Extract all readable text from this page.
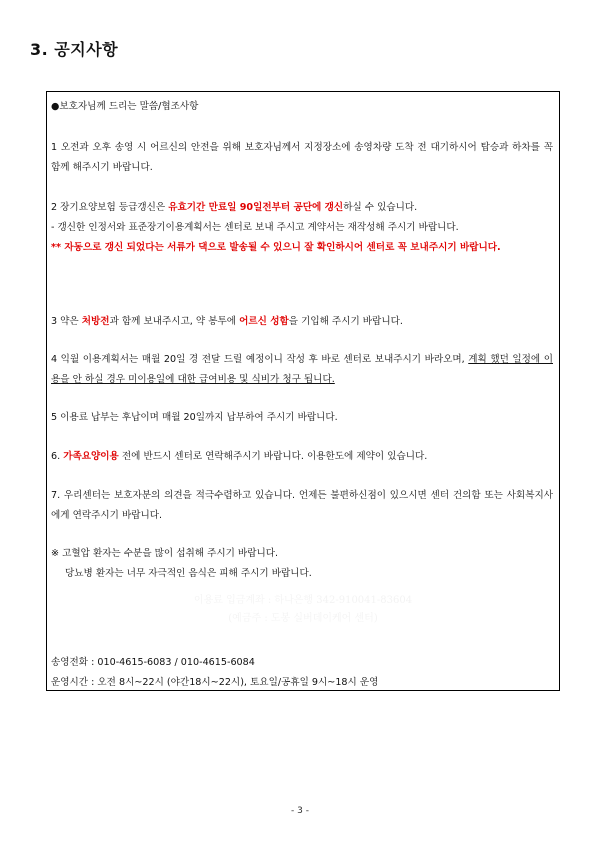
3. 공지사항

●보호자님께 드리는 말씀/협조사항

1 오전과 오후 송영 시 어르신의 안전을 위해 보호자님께서 지정장소에 송영차량 도착 전 대기하시어 탑승과 하차를 꼭 함께 해주시기 바랍니다.

2 장기요양보험 등급갱신은 유효기간 만료일 90일전부터 공단에 갱신하실 수 있습니다.
- 갱신한 인정서와 표준장기이용계획서는 센터로 보내 주시고 계약서는 재작성해 주시기 바랍니다.
** 자동으로 갱신 되었다는 서류가 댁으로 발송될 수 있으니 잘 확인하시어 센터로 꼭 보내주시기 바랍니다.
3 약은 처방전과 함께 보내주시고, 약 봉투에 어르신 성함을 기입해 주시기 바랍니다.
4 익월 이용계획서는 매월 20일 경 전달 드릴 예정이니 작성 후 바로 센터로 보내주시기 바라오며, 계획 했던 일정에 이용을 안 하실 경우 미이용일에 대한 급여비용 및 식비가 청구 됩니다.

5 이용료 납부는 후납이며 매월 20일까지 납부하여 주시기 바랍니다.

6. 가족요양이용 전에 반드시 센터로 연락해주시기 바랍니다. 이용한도에 제약이 있습니다.

7. 우리센터는 보호자분의 의견을 적극수렴하고 있습니다. 언제든 불편하신점이 있으시면 센터 건의함 또는 사회복지사에게 연락주시기 바랍니다.

※ 고혈압 환자는 수분을 많이 섭취해 주시기 바랍니다.

당뇨병 환자는 너무 자극적인 음식은 피해 주시기 바랍니다.

이용료 입금계좌 : 하나은행 342-910041-83604
(예금주 : 도봉 실버데이케어 센터)

송영전화 : 010-4615-6083 / 010-4615-6084

운영시간 : 오전 8시~22시 (야간18시~22시), 토요일/공휴일 9시~18시 운영

- 3 -
